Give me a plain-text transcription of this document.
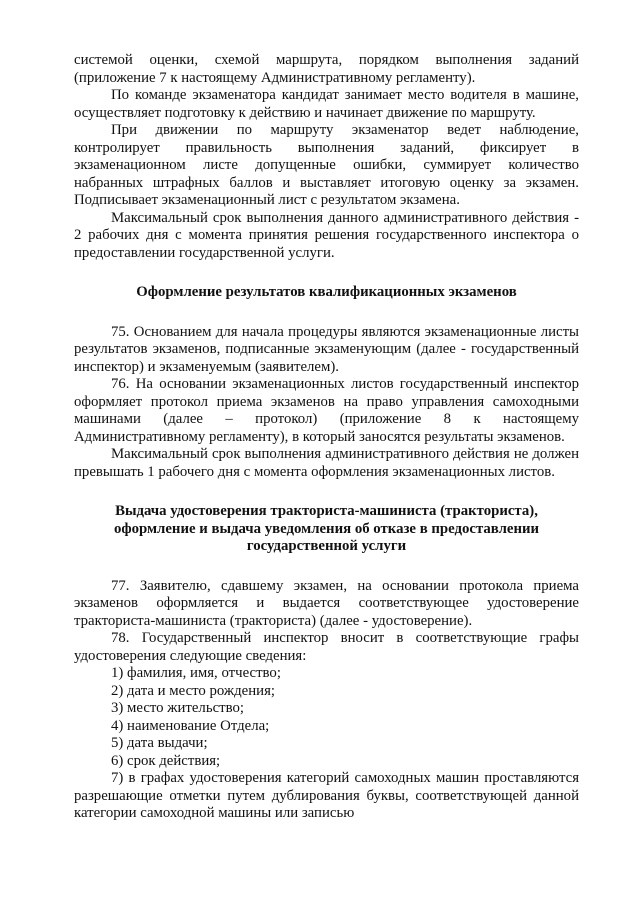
системой оценки, схемой маршрута, порядком выполнения заданий (приложение 7 к настоящему Административному регламенту).

По команде экзаменатора кандидат занимает место водителя в машине, осуществляет подготовку к действию и начинает движение по маршруту.

При движении по маршруту экзаменатор ведет наблюдение, контролирует правильность выполнения заданий, фиксирует в экзаменационном листе допущенные ошибки, суммирует количество набранных штрафных баллов и выставляет итоговую оценку за экзамен. Подписывает экзаменационный лист с результатом экзамена.

Максимальный срок выполнения данного административного действия - 2 рабочих дня с момента принятия решения государственного инспектора о предоставлении государственной услуги.

Оформление результатов квалификационных экзаменов

75. Основанием для начала процедуры являются экзаменационные листы результатов экзаменов, подписанные экзаменующим (далее - государственный инспектор) и экзаменуемым (заявителем).

76. На основании экзаменационных листов государственный инспектор оформляет протокол приема экзаменов на право управления самоходными машинами (далее – протокол) (приложение 8 к настоящему Административному регламенту), в который заносятся результаты экзаменов.

Максимальный срок выполнения административного действия не должен превышать 1 рабочего дня с момента оформления экзаменационных листов.

Выдача удостоверения тракториста-машиниста (тракториста), оформление и выдача уведомления об отказе в предоставлении государственной услуги

77. Заявителю, сдавшему экзамен, на основании протокола приема экзаменов оформляется и выдается соответствующее удостоверение тракториста-машиниста (тракториста) (далее - удостоверение).

78. Государственный инспектор вносит в соответствующие графы удостоверения следующие сведения:

1) фамилия, имя, отчество;

2) дата и место рождения;

3) место жительство;

4) наименование Отдела;

5) дата выдачи;

6) срок действия;

7) в графах удостоверения категорий самоходных машин проставляются разрешающие отметки путем дублирования буквы, соответствующей данной категории самоходной машины или записью
